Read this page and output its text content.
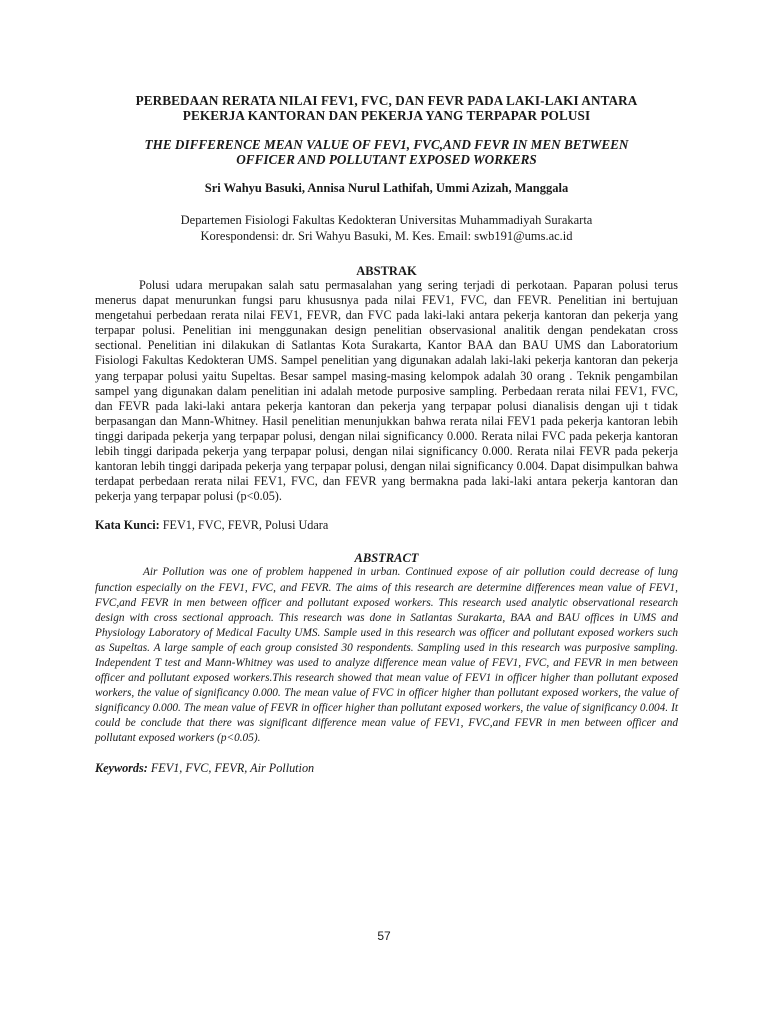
PERBEDAAN RERATA NILAI FEV1, FVC, DAN FEVR PADA LAKI-LAKI ANTARA
PEKERJA KANTORAN DAN PEKERJA YANG TERPAPAR POLUSI
THE DIFFERENCE MEAN VALUE OF FEV1, FVC,AND FEVR IN MEN BETWEEN
OFFICER AND POLLUTANT EXPOSED WORKERS
Sri Wahyu Basuki, Annisa Nurul Lathifah, Ummi Azizah, Manggala
Departemen Fisiologi Fakultas Kedokteran Universitas Muhammadiyah Surakarta
Korespondensi: dr. Sri Wahyu Basuki, M. Kes. Email: swb191@ums.ac.id
ABSTRAK

Polusi udara merupakan salah satu permasalahan yang sering terjadi di perkotaan. Paparan polusi terus menerus dapat menurunkan fungsi paru khususnya pada nilai FEV1, FVC, dan FEVR. Penelitian ini bertujuan mengetahui perbedaan rerata nilai FEV1, FEVR, dan FVC pada laki-laki antara pekerja kantoran dan pekerja yang terpapar polusi. Penelitian ini menggunakan design penelitian observasional analitik dengan pendekatan cross sectional. Penelitian ini dilakukan di Satlantas Kota Surakarta, Kantor BAA dan BAU UMS dan Laboratorium Fisiologi Fakultas Kedokteran UMS. Sampel penelitian yang digunakan adalah laki-laki pekerja kantoran dan pekerja yang terpapar polusi yaitu Supeltas. Besar sampel masing-masing kelompok adalah 30 orang . Teknik pengambilan sampel yang digunakan dalam penelitian ini adalah metode purposive sampling. Perbedaan rerata nilai FEV1, FVC, dan FEVR pada laki-laki antara pekerja kantoran dan pekerja yang terpapar polusi dianalisis dengan uji t tidak berpasangan dan Mann-Whitney. Hasil penelitian menunjukkan bahwa rerata nilai FEV1 pada pekerja kantoran lebih tinggi daripada pekerja yang terpapar polusi, dengan nilai significancy 0.000. Rerata nilai FVC pada pekerja kantoran lebih tinggi daripada pekerja yang terpapar polusi, dengan nilai significancy 0.000. Rerata nilai FEVR pada pekerja kantoran lebih tinggi daripada pekerja yang terpapar polusi, dengan nilai significancy 0.004. Dapat disimpulkan bahwa terdapat perbedaan rerata nilai FEV1, FVC, dan FEVR yang bermakna pada laki-laki antara pekerja kantoran dan pekerja yang terpapar polusi (p<0.05).

Kata Kunci: FEV1, FVC, FEVR, Polusi Udara
ABSTRACT

Air Pollution was one of problem happened in urban. Continued expose of air pollution could decrease of lung function especially on the FEV1, FVC, and FEVR. The aims of this research are determine differences mean value of FEV1, FVC,and FEVR in men between officer and pollutant exposed workers. This research used analytic observational research design with cross sectional approach. This research was done in Satlantas Surakarta, BAA and BAU offices in UMS and Physiology Laboratory of Medical Faculty UMS. Sample used in this research was officer and pollutant exposed workers such as Supeltas. A large sample of each group consisted 30 respondents. Sampling used in this research was purposive sampling. Independent T test and Mann-Whitney was used to analyze difference mean value of FEV1, FVC, and FEVR in men between officer and pollutant exposed workers.This research showed that mean value of FEV1 in officer higher than pollutant exposed workers, the value of significancy 0.000. The mean value of FVC in officer higher than pollutant exposed workers, the value of significancy 0.000. The mean value of FEVR in officer higher than pollutant exposed workers, the value of significancy 0.004. It could be conclude that there was significant difference mean value of FEV1, FVC,and FEVR in men between officer and pollutant exposed workers (p<0.05).

Keywords: FEV1, FVC, FEVR, Air Pollution
57
